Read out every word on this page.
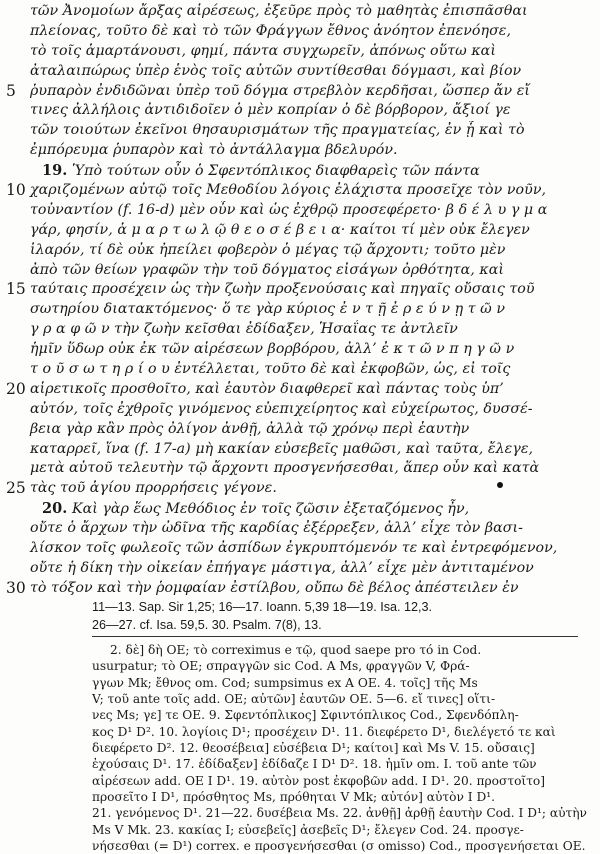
τῶν Ἀνομοίων ἄρξας αἱρέσεως, ἐξεῦρε πρὸς τὸ μαθητὰς ἐπισπᾶσθαι
πλείονας, τοῦτο δὲ καὶ τὸ τῶν Φράγγων ἔθνος ἀνόητον ἐπενόησε,
τὸ τοῖς ἁμαρτάνουσι, φημί, πάντα συγχωρεῖν, ἀπόνως οὕτω καὶ
ἀταλαιπώρως ὑπὲρ ἑνὸς τοῖς αὐτῶν συντίθεσθαι δόγμασι, καὶ βίον
5 ῥυπαρὸν ἐνδιδῶναι ὑπὲρ τοῦ δόγμα στρεβλὸν κερδῆσαι, ὥσπερ ἄν εἴ
τινες ἀλλήλοις ἀντιδιδοῖεν ὁ μὲν κοπρίαν ὁ δὲ βόρβορον, ἄξιοί γε
τῶν τοιούτων ἐκεῖνοι θησαυρισμάτων τῆς πραγματείας, ἐν ᾗ καὶ τὸ
ἐμπόρευμα ῥυπαρὸν καὶ τὸ ἀντάλλαγμα βδελυρόν.
19. Ὑπὸ τούτων οὖν ὁ Σφεντόπλικος διαφθαρεὶς τῶν πάντα
10 χαριζομένων αὐτῷ τοῖς Μεθοδίου λόγοις ἐλάχιστα προσεῖχε τὸν νοῦν,
τοὐναντίον (f. 16-d) μὲν οὖν καὶ ὡς ἐχθρῷ προσεφέρετο· β δ έ λ υ γ μ α
γάρ, φησίν, ἁ μ α ρ τ ω λ ῷ θ ε ο σ έ β ε ι α· καίτοι τί μὲν οὐκ ἔλεγεν
ἱλαρόν, τί δὲ οὐκ ἠπείλει φοβερὸν ὁ μέγας τῷ ἄρχοντι; τοῦτο μὲν
ἀπὸ τῶν θείων γραφῶν τὴν τοῦ δόγματος εἰσάγων ὀρθότητα, καὶ
15 ταύταις προσέχειν ὡς τὴν ζωὴν προξενούσαις καὶ πηγαῖς οὔσαις τοῦ
σωτηρίου διατακτόμενος· ὅ τε γὰρ κύριος ἐ ν τ ῇ ἐ ρ ε ύ ν ῃ τ ῶ ν
γ ρ α φ ῶ ν τὴν ζωὴν κεῖσθαι ἐδίδαξεν, Ἡσαΐας τε ἀντλεῖν
ἡμῖν ὕδωρ οὐκ ἐκ τῶν αἱρέσεων βορβόρου, ἀλλ’ ἐ κ τ ῶ ν π η γ ῶ ν
τ ο ῦ σ ω τ η ρ ί ο υ ἐντέλλεται, τοῦτο δὲ καὶ ἐκφοβῶν, ὡς, εἰ τοῖς
20 αἱρετικοῖς προσθοῖτο, καὶ ἑαυτὸν διαφθερεῖ καὶ πάντας τοὺς ὑπ’
αὐτόν, τοῖς ἐχθροῖς γινόμενος εὐεπιχείρητος καὶ εὐχείρωτος, δυσσέ-
βεια γὰρ κἂν πρὸς ὀλίγον ἀνθῇ, ἀλλὰ τῷ χρόνῳ περὶ ἑαυτὴν
καταρρεῖ, ἵνα (f. 17-a) μὴ κακίαν εὐσεβεῖς μαθῶσι, καὶ ταῦτα, ἔλεγε,
μετὰ αὐτοῦ τελευτὴν τῷ ἄρχοντι προσγενήσεσθαι, ἅπερ οὖν καὶ κατὰ
25 τὰς τοῦ ἁγίου προρρήσεις γέγονε.
20. Καὶ γὰρ ἕως Μεθόδιος ἐν τοῖς ζῶσιν ἐξεταζόμενος ἦν,
οὔτε ὁ ἄρχων τὴν ὠδῖνα τῆς καρδίας ἐξέρρεξεν, ἀλλ’ εἶχε τὸν βασι-
λίσκον τοῖς φωλεοῖς τῶν ἀσπίδων ἐγκρυπτόμενόν τε καὶ ἐντρεφόμενον,
οὔτε ἡ δίκη τὴν οἰκείαν ἐπήγαγε μάστιγα, ἀλλ’ εἶχε μὲν ἀντιταμένον
30 τὸ τόξον καὶ τὴν ῥομφαίαν ἐστίλβου, οὔπω δὲ βέλος ἀπέστειλεν ἐν
11—13. Sap. Sir 1,25; 16—17. Ioann. 5,39 18—19. Isa. 12,3.
26—27. cf. Isa. 59,5. 30. Psalm. 7(8), 13.
2. δὲ] δὴ OE; τὸ correximus e τῷ, quod saepe pro τό in Cod.
usurpatur; τὸ OE; σπραγγῶν sic Cod. A Ms, φραγγῶν V, Φρά-
γγων Mk; ἔθνος om. Cod; sumpsimus ex A OE. 4. τοῖς] τῆς Ms
V; τοῦ ante τοῖς add. OE; αὐτῶν] ἑαυτῶν OE. 5—6. εἴ τινες] οἵτι-
νες Ms; γε] τε OE. 9. Σφεντόπλικος] Σφιντόπλικος Cod., Σφενδόπλη-
κος D¹ D². 10. λογίοις D¹; προσέχειν D¹. 11. διεφέρετο D¹, διελέγετό τε καὶ
διεφέρετο D². 12. θεοσέβεια] εὐσέβεια D¹; καίτοι] καὶ Ms V. 15. οὔσαις]
ἐχούσαις D¹. 17. ἐδίδαξεν] ἐδίδαζε I D¹ D². 18. ἡμῖν om. I. τοῦ ante τῶν
αἱρέσεων add. OE I D¹. 19. αὐτὸν post ἐκφοβῶν add. I D¹. 20. προστοῖτο]
προσεῖτο I D¹, πρόσθητος Ms, πρόθηται V Mk; αὐτόν] αὐτὸν I D¹.
21. γενόμενος D¹. 21—22. δυσέβεια Ms. 22. ἀνθῇ] ἀρθῇ ἑαυτὴν Cod. I D¹; αὐτὴν
Ms V Mk. 23. κακίας I; εὐσεβεῖς] ἀσεβεῖς D¹; ἔλεγεν Cod. 24. προσγε-
νήσεσθαι (= D¹) correx. e προσγενήσεσθαι (σ omisso) Cod., προσγενήσεται OE.
